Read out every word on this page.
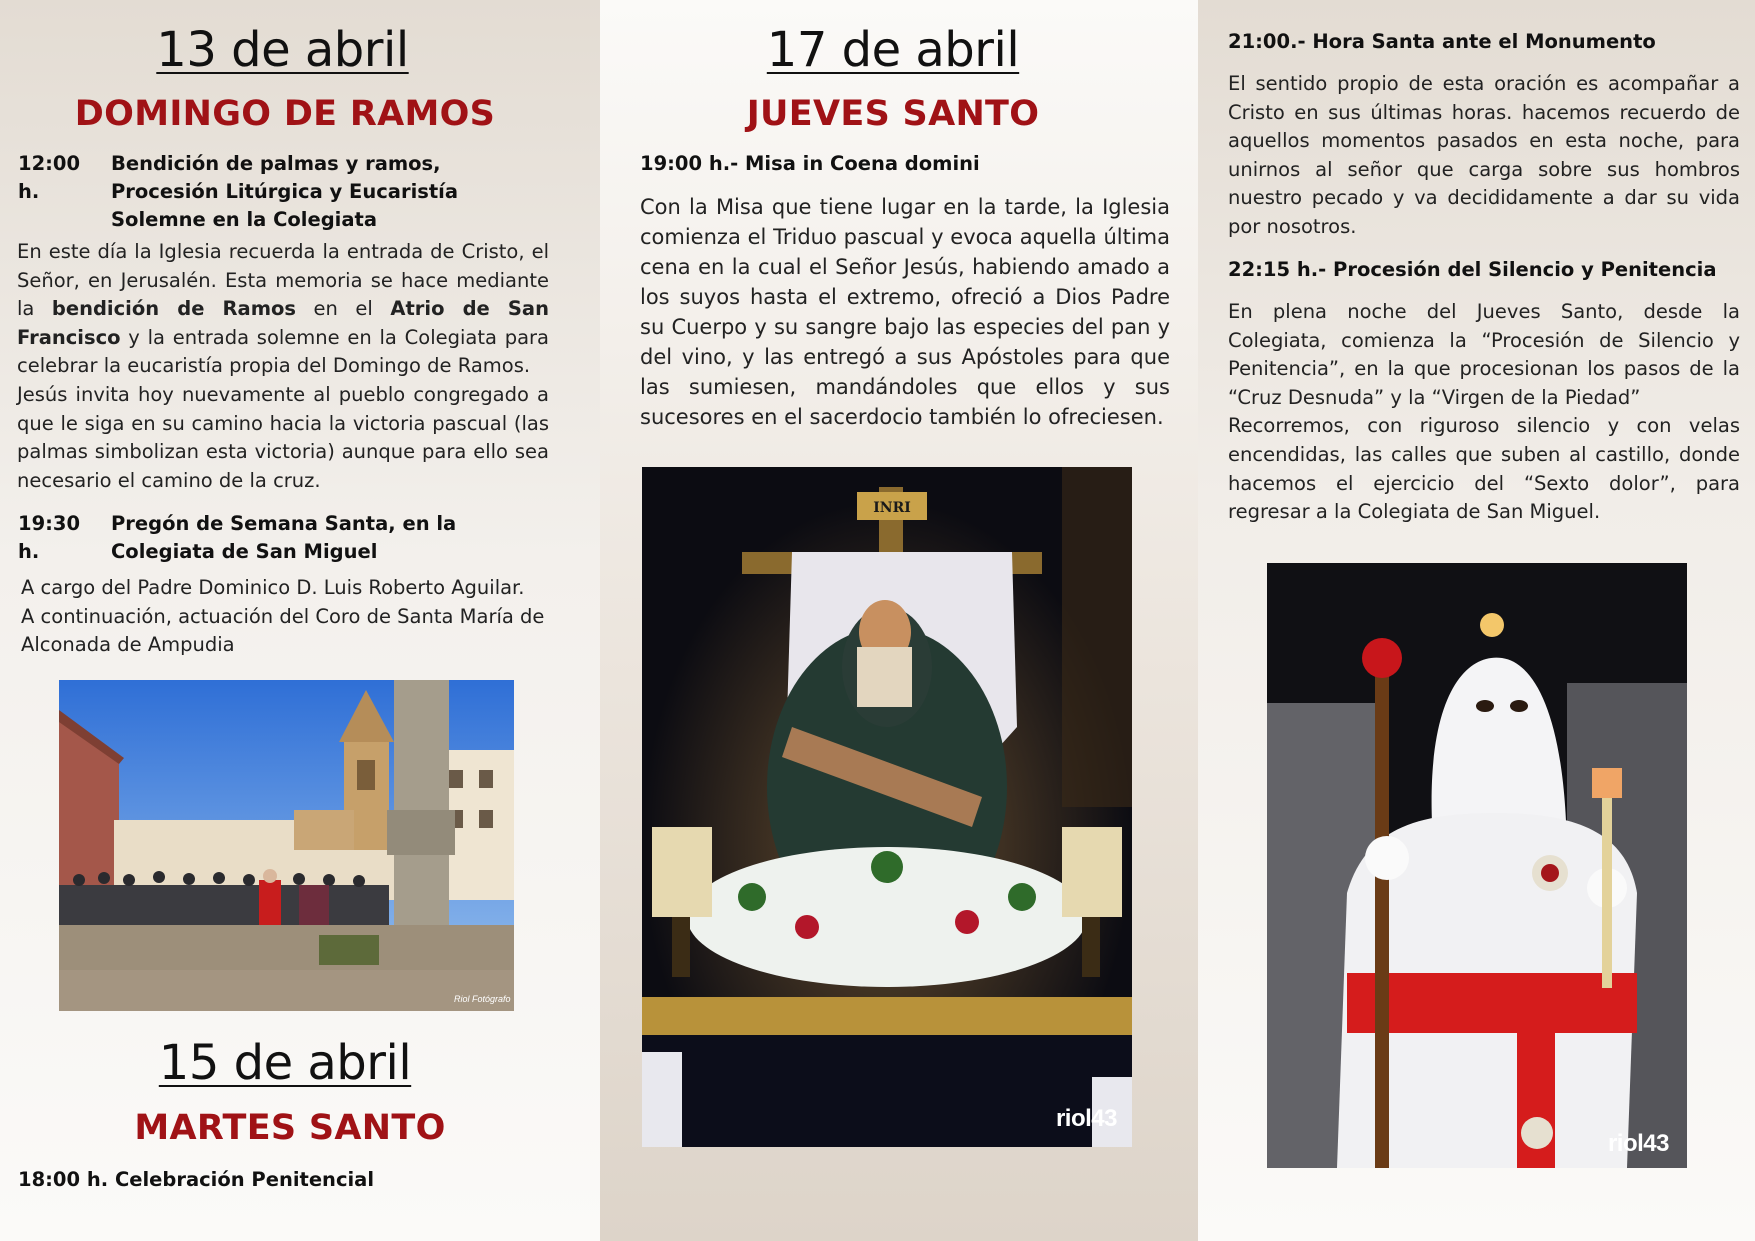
13 de abril
DOMINGO DE RAMOS
12:00 h.
Bendición de palmas y ramos, Procesión Litúrgica y Eucaristía Solemne en la Colegiata

En este día la Iglesia recuerda la entrada de Cristo, el Señor, en Jerusalén. Esta memoria se hace mediante la bendición de Ramos en el Atrio de San Francisco y la entrada solemne en la Colegiata para celebrar la eucaristía propia del Domingo de Ramos.

Jesús invita hoy nuevamente al pueblo congregado a que le siga en su camino hacia la victoria pascual (las palmas simbolizan esta victoria) aunque para ello sea necesario el camino de la cruz.

19:30 h.
Pregón de Semana Santa, en la Colegiata de San Miguel
A cargo del Padre Dominico D. Luis Roberto Aguilar.
A continuación, actuación del Coro de Santa María de Alconada de Ampudia
Riol Fotógrafo
15 de abril
MARTES SANTO
18:00 h. Celebración Penitencial
17 de abril
JUEVES SANTO
19:00 h.- Misa in Coena domini
Con la Misa que tiene lugar en la tarde, la Iglesia comienza el Triduo pascual y evoca aquella última cena en la cual el Señor Jesús, habiendo amado a los suyos hasta el extremo, ofreció a Dios Padre su Cuerpo y su sangre bajo las especies del pan y del vino, y las entregó a sus Apóstoles para que las sumiesen, mandándoles que ellos y sus sucesores en el sacerdocio también lo ofreciesen.
INRI
riol43
21:00.- Hora Santa ante el Monumento
El sentido propio de esta oración es acompañar a Cristo en sus últimas horas. hacemos recuerdo de aquellos momentos pasados en esta noche, para unirnos al señor que carga sobre sus hombros nuestro pecado y va decididamente a dar su vida por nosotros.
22:15 h.- Procesión del Silencio y Penitencia

En plena noche del Jueves Santo, desde la Colegiata, comienza la “Procesión de Silencio y Penitencia”, en la que procesionan los pasos de la “Cruz Desnuda” y la “Virgen de la Piedad”

Recorremos, con riguroso silencio y con velas encendidas, las calles que suben al castillo, donde hacemos el ejercicio del “Sexto dolor”, para regresar a la Colegiata de San Miguel.

riol43
